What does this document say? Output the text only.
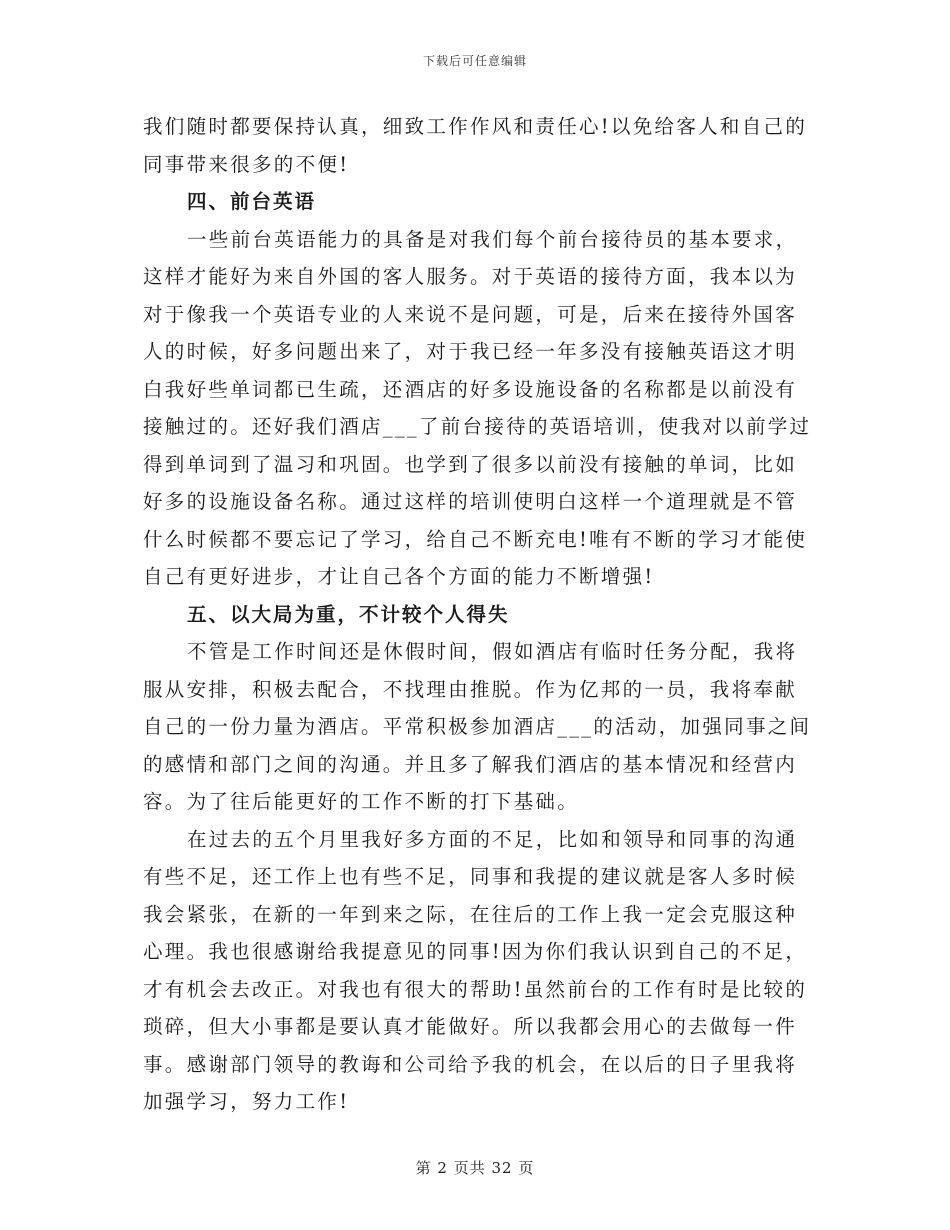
下载后可任意编辑
我们随时都要保持认真，细致工作作风和责任心!以免给客人和自己的
同事带来很多的不便!
四、前台英语
一些前台英语能力的具备是对我们每个前台接待员的基本要求，
这样才能好为来自外国的客人服务。对于英语的接待方面，我本以为
对于像我一个英语专业的人来说不是问题，可是，后来在接待外国客
人的时候，好多问题出来了，对于我已经一年多没有接触英语这才明
白我好些单词都已生疏，还酒店的好多设施设备的名称都是以前没有
接触过的。还好我们酒店___了前台接待的英语培训，使我对以前学过
得到单词到了温习和巩固。也学到了很多以前没有接触的单词，比如
好多的设施设备名称。通过这样的培训使明白这样一个道理就是不管
什么时候都不要忘记了学习，给自己不断充电!唯有不断的学习才能使
自己有更好进步，才让自己各个方面的能力不断增强!
五、以大局为重，不计较个人得失
不管是工作时间还是休假时间，假如酒店有临时任务分配，我将
服从安排，积极去配合，不找理由推脱。作为亿邦的一员，我将奉献
自己的一份力量为酒店。平常积极参加酒店___的活动，加强同事之间
的感情和部门之间的沟通。并且多了解我们酒店的基本情况和经营内
容。为了往后能更好的工作不断的打下基础。
在过去的五个月里我好多方面的不足，比如和领导和同事的沟通
有些不足，还工作上也有些不足，同事和我提的建议就是客人多时候
我会紧张，在新的一年到来之际，在往后的工作上我一定会克服这种
心理。我也很感谢给我提意见的同事!因为你们我认识到自己的不足，
才有机会去改正。对我也有很大的帮助!虽然前台的工作有时是比较的
琐碎，但大小事都是要认真才能做好。所以我都会用心的去做每一件
事。感谢部门领导的教诲和公司给予我的机会，在以后的日子里我将
加强学习，努力工作!
第 2 页共 32 页
